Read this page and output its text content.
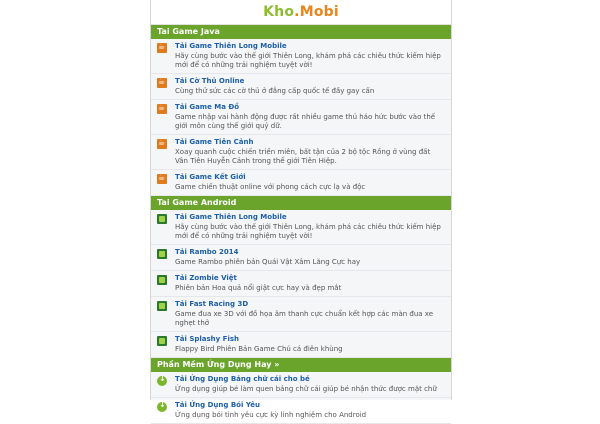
Kho .Mobi
Tai Game Java
☕
Tải Game Thiên Long Mobile
Hãy cùng bước vào thế giới Thiên Long, khám phá các chiêu thức kiếm hiệp mới để có những trải nghiệm tuyệt vời!
☕
Tải Cờ Thủ Online
Cùng thử sức các cờ thủ ở đẳng cấp quốc tế đầy gay cấn
☕
Tải Game Ma Đồ
Game nhập vai hành động được rất nhiều game thủ háo hức bước vào thế giới môn cùng thế giới quỷ dữ.
☕
Tải Game Tiên Cảnh
Xoay quanh cuộc chiến triền miên, bất tận của 2 bộ tộc Rồng ở vùng đất Vân Tiên Huyễn Cảnh trong thế giới Tiên Hiệp.
☕
Tải Game Kết Giới
Game chiến thuật online với phong cách cực lạ và độc
Tai Game Android
Tải Game Thiên Long Mobile
Hãy cùng bước vào thế giới Thiên Long, khám phá các chiêu thức kiếm hiệp mới để có những trải nghiệm tuyệt vời!
Tải Rambo 2014
Game Rambo phiên bản Quái Vật Xâm Lăng Cực hay
Tải Zombie Việt
Phiên bản Hoa quả nổi giật cực hay và đẹp mắt
Tải Fast Racing 3D
Game đua xe 3D với đồ họa âm thanh cực chuẩn kết hợp các màn đua xe nghẹt thở
Tải Splashy Fish
Flappy Bird Phiên Bản Game Chú cá điên khùng
Phần Mềm Ứng Dụng Hay »
↓
Tải Ứng Dụng Bảng chữ cái cho bé
Ứng dụng giúp bé làm quen bảng chữ cái giúp bé nhận thức được mặt chữ
↓
Tải Ứng Dụng Bói Yêu
Ứng dụng bói tình yêu cực kỳ linh nghiệm cho Android
